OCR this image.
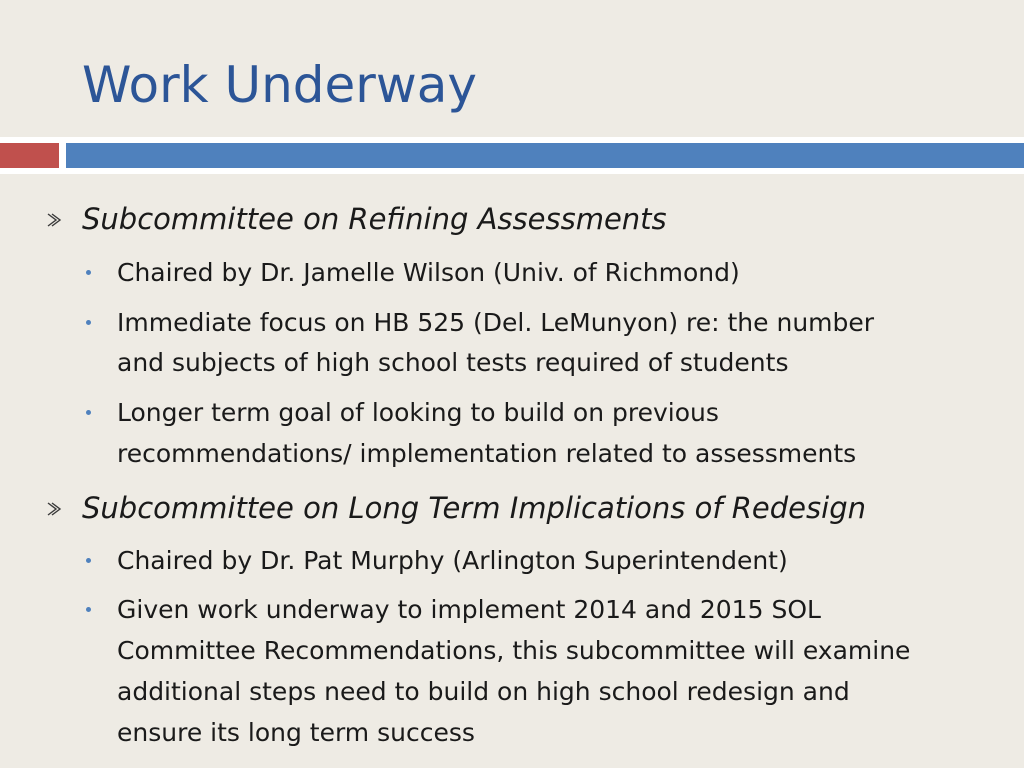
Work Underway
Subcommittee on Refining Assessments
Chaired by Dr. Jamelle Wilson (Univ. of Richmond)
Immediate focus on HB 525 (Del. LeMunyon) re: the number
and subjects of high school tests required of students
Longer term goal of looking to build on previous
recommendations/ implementation related to assessments
Subcommittee on Long Term Implications of Redesign
Chaired by Dr. Pat Murphy (Arlington Superintendent)
Given work underway to implement 2014 and 2015 SOL
Committee Recommendations, this subcommittee will examine
additional steps need to build on high school redesign and
ensure its long term success
